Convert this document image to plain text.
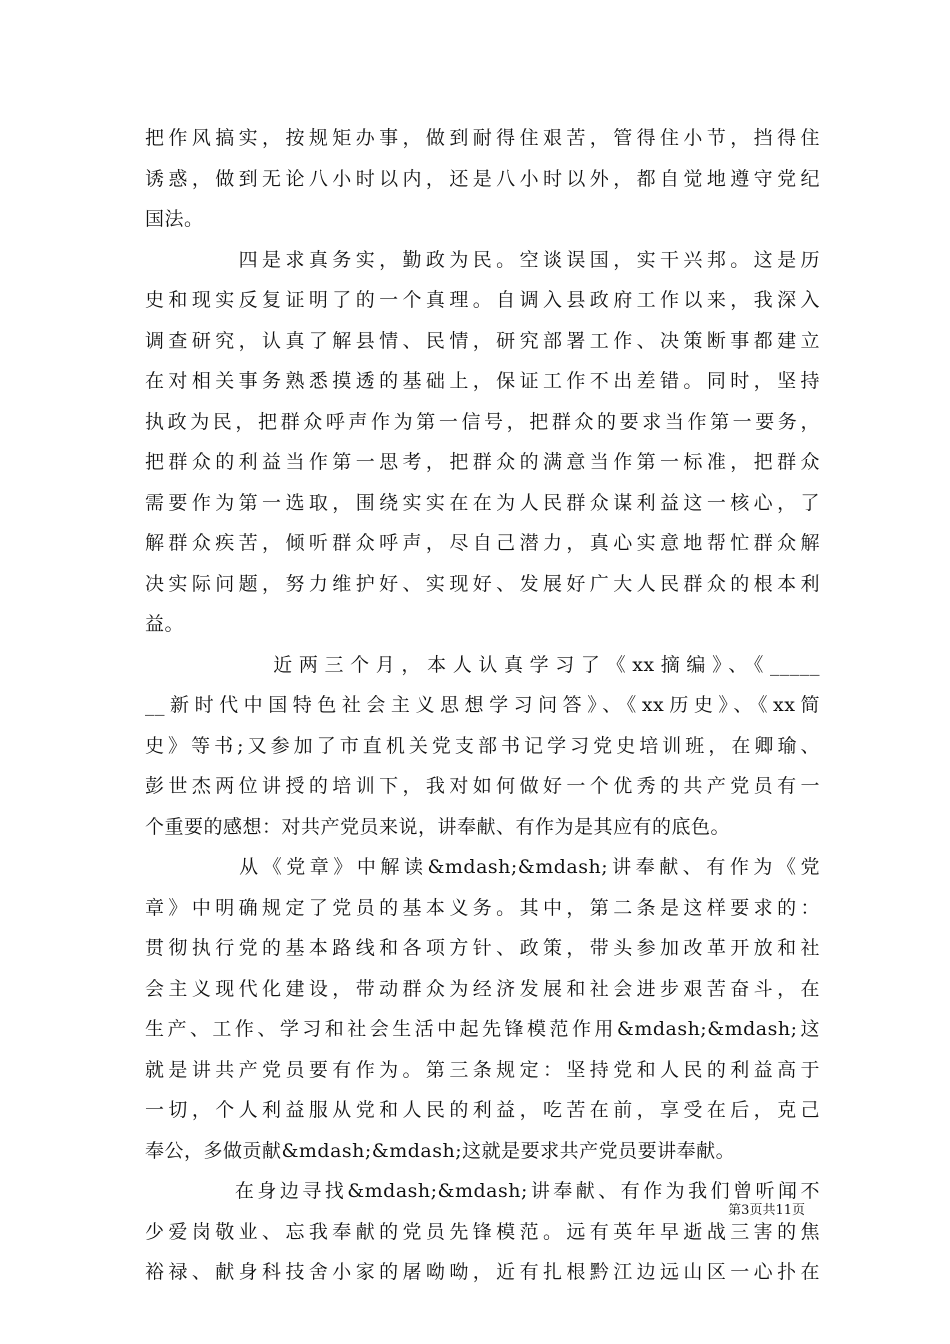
把作风搞实，按规矩办事，做到耐得住艰苦，管得住小节，挡得住
诱惑，做到无论八小时以内，还是八小时以外，都自觉地遵守党纪
国法。
　　　　四是求真务实，勤政为民。空谈误国，实干兴邦。这是历
史和现实反复证明了的一个真理。自调入县政府工作以来，我深入
调查研究，认真了解县情、民情，研究部署工作、决策断事都建立
在对相关事务熟悉摸透的基础上，保证工作不出差错。同时，坚持
执政为民，把群众呼声作为第一信号，把群众的要求当作第一要务，
把群众的利益当作第一思考，把群众的满意当作第一标准，把群众
需要作为第一选取，围绕实实在在为人民群众谋利益这一核心，了
解群众疾苦，倾听群众呼声，尽自己潜力，真心实意地帮忙群众解
决实际问题，努力维护好、实现好、发展好广大人民群众的根本利
益。
　　　　　近两三个月，本人认真学习了《xx摘编》、《_____
__新时代中国特色社会主义思想学习问答》、《xx历史》、《xx简
史》等书;又参加了市直机关党支部书记学习党史培训班，在卿瑜、
彭世杰两位讲授的培训下，我对如何做好一个优秀的共产党员有一
个重要的感想：对共产党员来说，讲奉献、有作为是其应有的底色。
　　　　从《党章》中解读&mdash;&mdash;讲奉献、有作为《党
章》中明确规定了党员的基本义务。其中，第二条是这样要求的：
贯彻执行党的基本路线和各项方针、政策，带头参加改革开放和社
会主义现代化建设，带动群众为经济发展和社会进步艰苦奋斗，在
生产、工作、学习和社会生活中起先锋模范作用&mdash;&mdash;这
就是讲共产党员要有作为。第三条规定：坚持党和人民的利益高于
一切，个人利益服从党和人民的利益，吃苦在前，享受在后，克己
奉公，多做贡献&mdash;&mdash;这就是要求共产党员要讲奉献。
　　　　在身边寻找&mdash;&mdash;讲奉献、有作为我们曾听闻不
少爱岗敬业、忘我奉献的党员先锋模范。远有英年早逝战三害的焦
裕禄、献身科技舍小家的屠呦呦，近有扎根黔江边远山区一心扑在
第3页共11页
